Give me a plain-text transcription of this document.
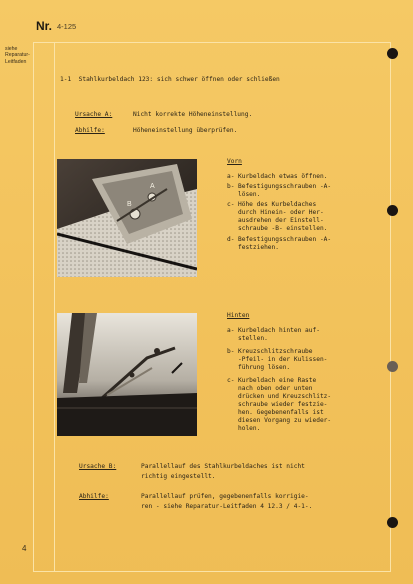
Nr. 4-125
siehe
Reparatur-
Leitfaden
1-1  Stahlkurbeldach 123: sich schwer öffnen oder schließen
Ursache A:	Nicht korrekte Höheneinstellung.
Abhilfe:	Höheneinstellung überprüfen.
A
B
Vorn
a- Kurbeldach etwas öffnen.
b- Befestigungsschrauben -A-
lösen.
c- Höhe des Kurbeldaches
durch Hinein- oder Her-
ausdrehen der Einstell-
schraube -B- einstellen.
d- Befestigungsschrauben -A-
festziehen.
Hinten
a- Kurbeldach hinten auf-
stellen.
b- Kreuzschlitzschraube
-Pfeil- in der Kulissen-
führung lösen.
c- Kurbeldach eine Raste
nach oben oder unten
drücken und Kreuzschlitz-
schraube wieder festzie-
hen. Gegebenenfalls ist
diesen Vorgang zu wieder-
holen.
Ursache B:	Parallellauf des Stahlkurbeldaches ist nicht
richtig eingestellt.
Abhilfe:	Parallellauf prüfen, gegebenenfalls korrigie-
ren - siehe Reparatur-Leitfaden 4 12.3 / 4-1-.
4
